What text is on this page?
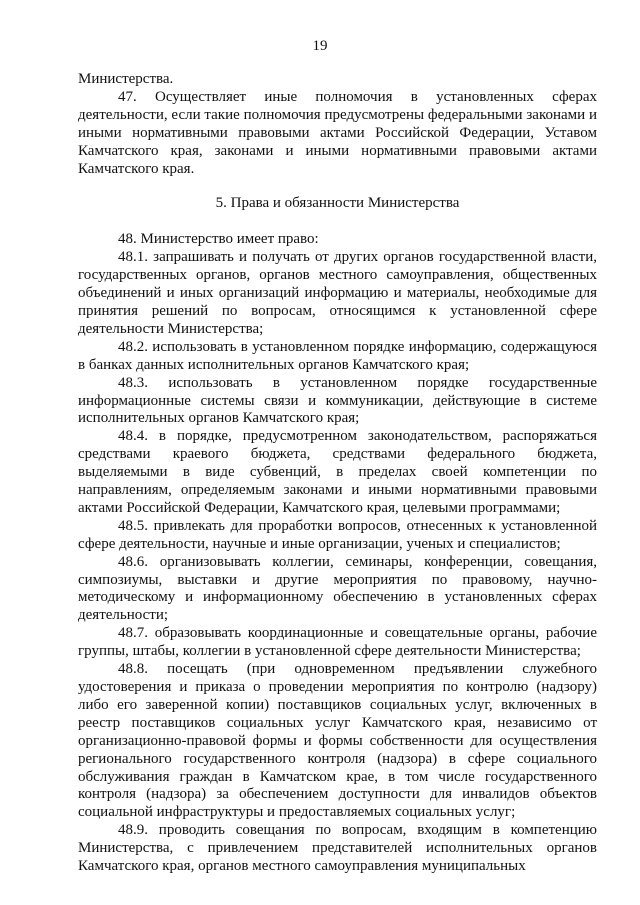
19

Министерства.

47. Осуществляет иные полномочия в установленных сферах деятельности, если такие полномочия предусмотрены федеральными законами и иными нормативными правовыми актами Российской Федерации, Уставом Камчатского края, законами и иными нормативными правовыми актами Камчатского края.

5. Права и обязанности Министерства

48. Министерство имеет право:

48.1. запрашивать и получать от других органов государственной власти, государственных органов, органов местного самоуправления, общественных объединений и иных организаций информацию и материалы, необходимые для принятия решений по вопросам, относящимся к установленной сфере деятельности Министерства;

48.2. использовать в установленном порядке информацию, содержащуюся в банках данных исполнительных органов Камчатского края;

48.3. использовать в установленном порядке государственные информационные системы связи и коммуникации, действующие в системе исполнительных органов Камчатского края;

48.4. в порядке, предусмотренном законодательством, распоряжаться средствами краевого бюджета, средствами федерального бюджета, выделяемыми в виде субвенций, в пределах своей компетенции по направлениям, определяемым законами и иными нормативными правовыми актами Российской Федерации, Камчатского края, целевыми программами;

48.5. привлекать для проработки вопросов, отнесенных к установленной сфере деятельности, научные и иные организации, ученых и специалистов;

48.6. организовывать коллегии, семинары, конференции, совещания, симпозиумы, выставки и другие мероприятия по правовому, научно-методическому и информационному обеспечению в установленных сферах деятельности;

48.7. образовывать координационные и совещательные органы, рабочие группы, штабы, коллегии в установленной сфере деятельности Министерства;

48.8. посещать (при одновременном предъявлении служебного удостоверения и приказа о проведении мероприятия по контролю (надзору) либо его заверенной копии) поставщиков социальных услуг, включенных в реестр поставщиков социальных услуг Камчатского края, независимо от организационно-правовой формы и формы собственности для осуществления регионального государственного контроля (надзора) в сфере социального обслуживания граждан в Камчатском крае, в том числе государственного контроля (надзора) за обеспечением доступности для инвалидов объектов социальной инфраструктуры и предоставляемых социальных услуг;

48.9. проводить совещания по вопросам, входящим в компетенцию Министерства, с привлечением представителей исполнительных органов Камчатского края, органов местного самоуправления муниципальных
